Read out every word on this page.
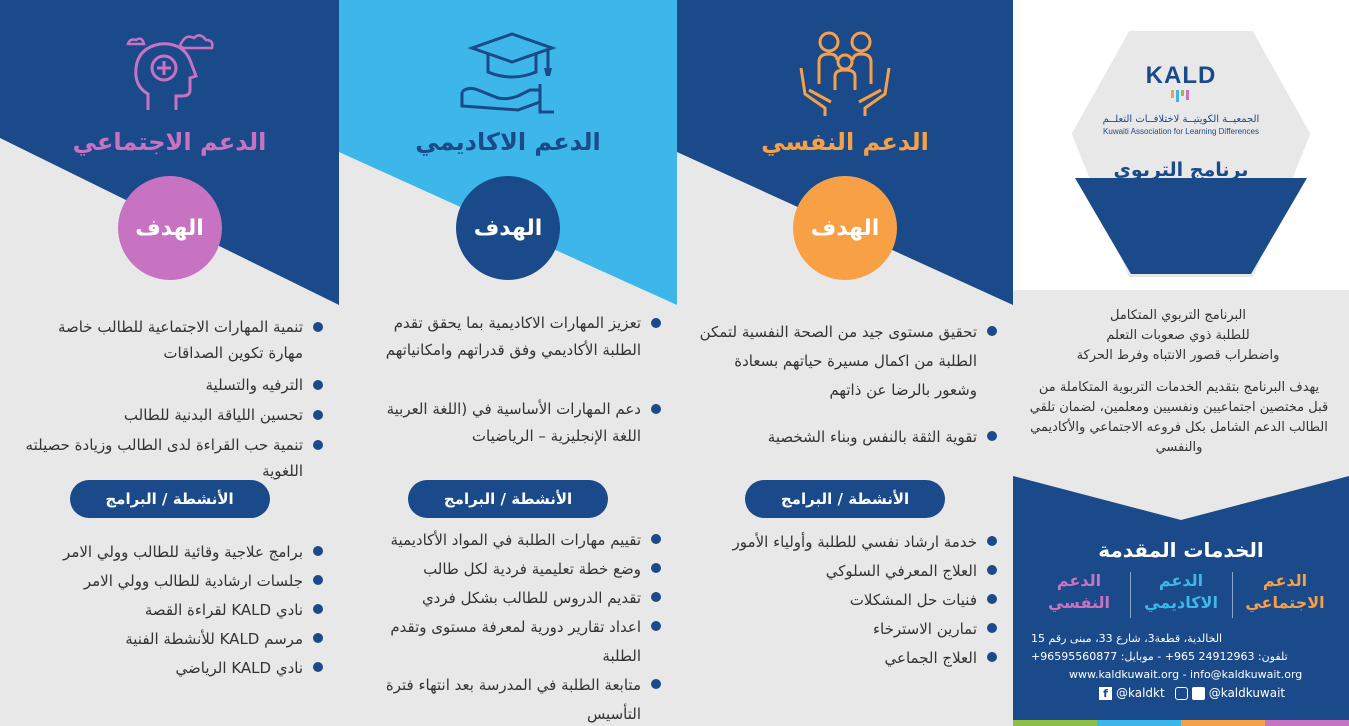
الدعم الاجتماعي
الهدف
تنمية المهارات الاجتماعية للطالب خاصة مهارة تكوين الصداقات
الترفيه والتسلية
تحسين اللياقة البدنية للطالب
تنمية حب القراءة لدى الطالب وزيادة حصيلته اللغوية
الأنشطة / البرامج
برامج علاجية وقائية للطالب وولي الامر
جلسات ارشادية للطالب وولي الامر
نادي KALD لقراءة القصة
مرسم KALD للأنشطة الفنية
نادي KALD الرياضي
الدعم الاكاديمي
الهدف
تعزيز المهارات الاكاديمية بما يحقق تقدم الطلبة الأكاديمي وفق قدراتهم وامكانياتهم
دعم المهارات الأساسية في (اللغة العربية اللغة الإنجليزية – الرياضيات
الأنشطة / البرامج
تقييم مهارات الطلبة في المواد الأكاديمية
وضع خطة تعليمية فردية لكل طالب
تقديم الدروس للطالب بشكل فردي
اعداد تقارير دورية لمعرفة مستوى وتقدم الطلبة
متابعة الطلبة في المدرسة بعد انتهاء فترة التأسيس
الدعم النفسي
الهدف
تحقيق مستوى جيد من الصحة النفسية لتمكن الطلبة من اكمال مسيرة حياتهم بسعادة وشعور بالرضا عن ذاتهم
تقوية الثقة بالنفس وبناء الشخصية
الأنشطة / البرامج
خدمة ارشاد نفسي للطلبة وأولياء الأمور
العلاج المعرفي السلوكي
فنيات حل المشكلات
تمارين الاسترخاء
العلاج الجماعي
KALD
الجمعيــة الكويتيــة لاختلافــات التعلــم
Kuwaiti Association for Learning Differences
برنامج التربوي
المتكامل
البرنامج التربوي المتكامل
للطلبة ذوي صعوبات التعلم
واضطراب قصور الانتباه وفرط الحركة
يهدف البرنامج بتقديم الخدمات التربوية المتكاملة من قبل مختصين اجتماعيين ونفسيين ومعلمين، لضمان تلقي الطالب الدعم الشامل بكل فروعه الاجتماعي والأكاديمي والنفسي
الخدمات المقدمة
الدعم
الاجتماعي
الدعم
الاكاديمي
الدعم
النفسي
الخالدية، قطعة3، شارع 33، مبنى رقم 15
تلفون: 24912963 965+ - موبايل: 96595560877+
www.kaldkuwait.org - info@kaldkuwait.org
f @kaldkt	@kaldkuwait
